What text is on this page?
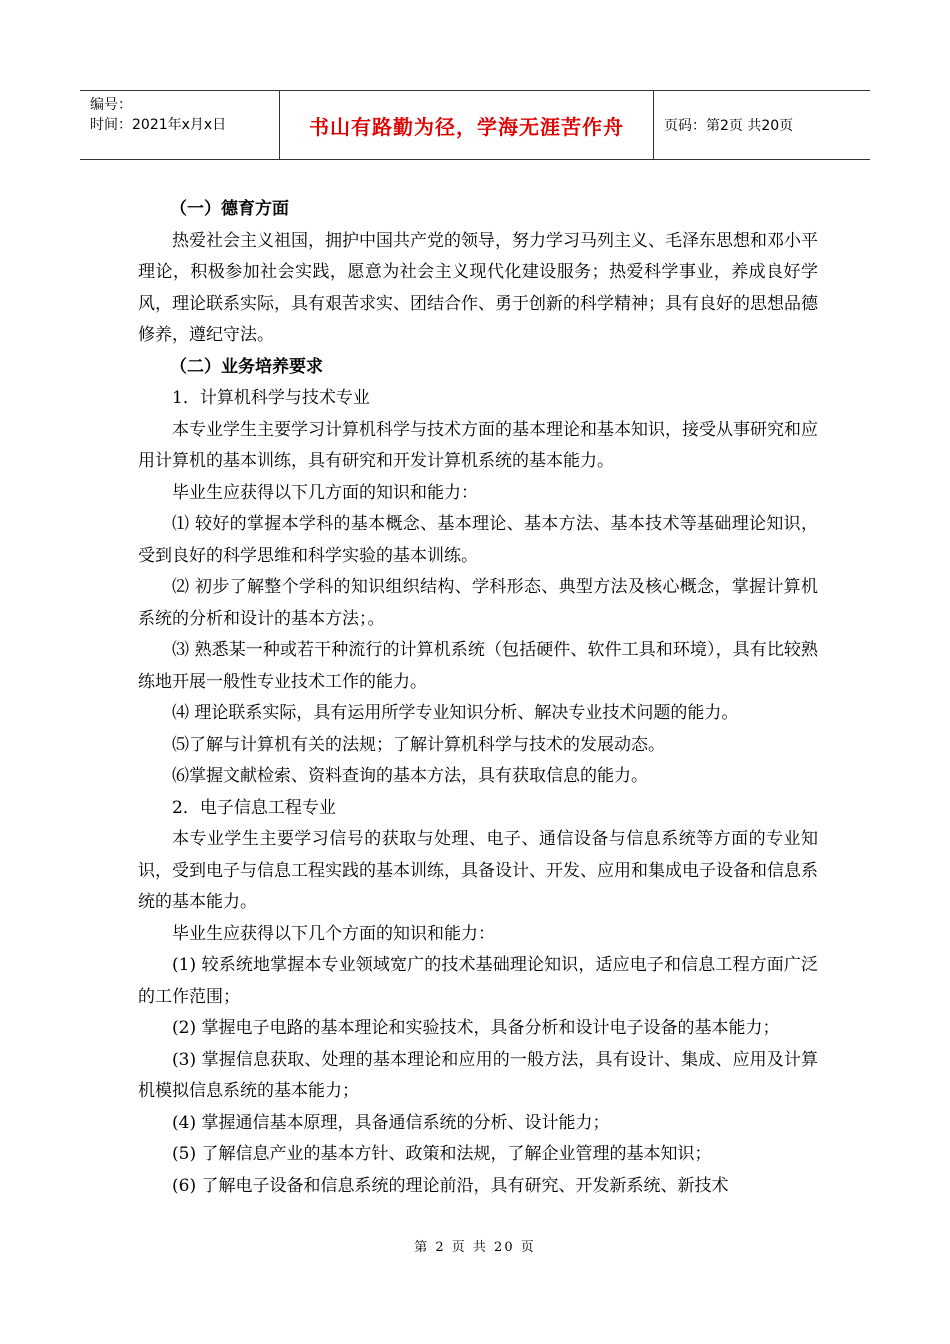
编号：
时间：2021年x月x日	书山有路勤为径，学海无涯苦作舟	页码：第2页 共20页

（一）德育方面

热爱社会主义祖国，拥护中国共产党的领导，努力学习马列主义、毛泽东思想和邓小平理论，积极参加社会实践，愿意为社会主义现代化建设服务；热爱科学事业，养成良好学风，理论联系实际，具有艰苦求实、团结合作、勇于创新的科学精神；具有良好的思想品德修养，遵纪守法。

（二）业务培养要求

1．计算机科学与技术专业

本专业学生主要学习计算机科学与技术方面的基本理论和基本知识，接受从事研究和应用计算机的基本训练，具有研究和开发计算机系统的基本能力。

毕业生应获得以下几方面的知识和能力：

⑴ 较好的掌握本学科的基本概念、基本理论、基本方法、基本技术等基础理论知识，受到良好的科学思维和科学实验的基本训练。

⑵ 初步了解整个学科的知识组织结构、学科形态、典型方法及核心概念，掌握计算机系统的分析和设计的基本方法；。

⑶ 熟悉某一种或若干种流行的计算机系统（包括硬件、软件工具和环境），具有比较熟练地开展一般性专业技术工作的能力。

⑷ 理论联系实际，具有运用所学专业知识分析、解决专业技术问题的能力。

⑸了解与计算机有关的法规；了解计算机科学与技术的发展动态。

⑹掌握文献检索、资料查询的基本方法，具有获取信息的能力。

2．电子信息工程专业

本专业学生主要学习信号的获取与处理、电子、通信设备与信息系统等方面的专业知识，受到电子与信息工程实践的基本训练，具备设计、开发、应用和集成电子设备和信息系统的基本能力。

毕业生应获得以下几个方面的知识和能力：

(1) 较系统地掌握本专业领域宽广的技术基础理论知识，适应电子和信息工程方面广泛的工作范围；

(2) 掌握电子电路的基本理论和实验技术，具备分析和设计电子设备的基本能力；

(3) 掌握信息获取、处理的基本理论和应用的一般方法，具有设计、集成、应用及计算机模拟信息系统的基本能力；

(4) 掌握通信基本原理，具备通信系统的分析、设计能力；

(5) 了解信息产业的基本方针、政策和法规，了解企业管理的基本知识；

(6) 了解电子设备和信息系统的理论前沿，具有研究、开发新系统、新技术

第 2 页 共 20 页
